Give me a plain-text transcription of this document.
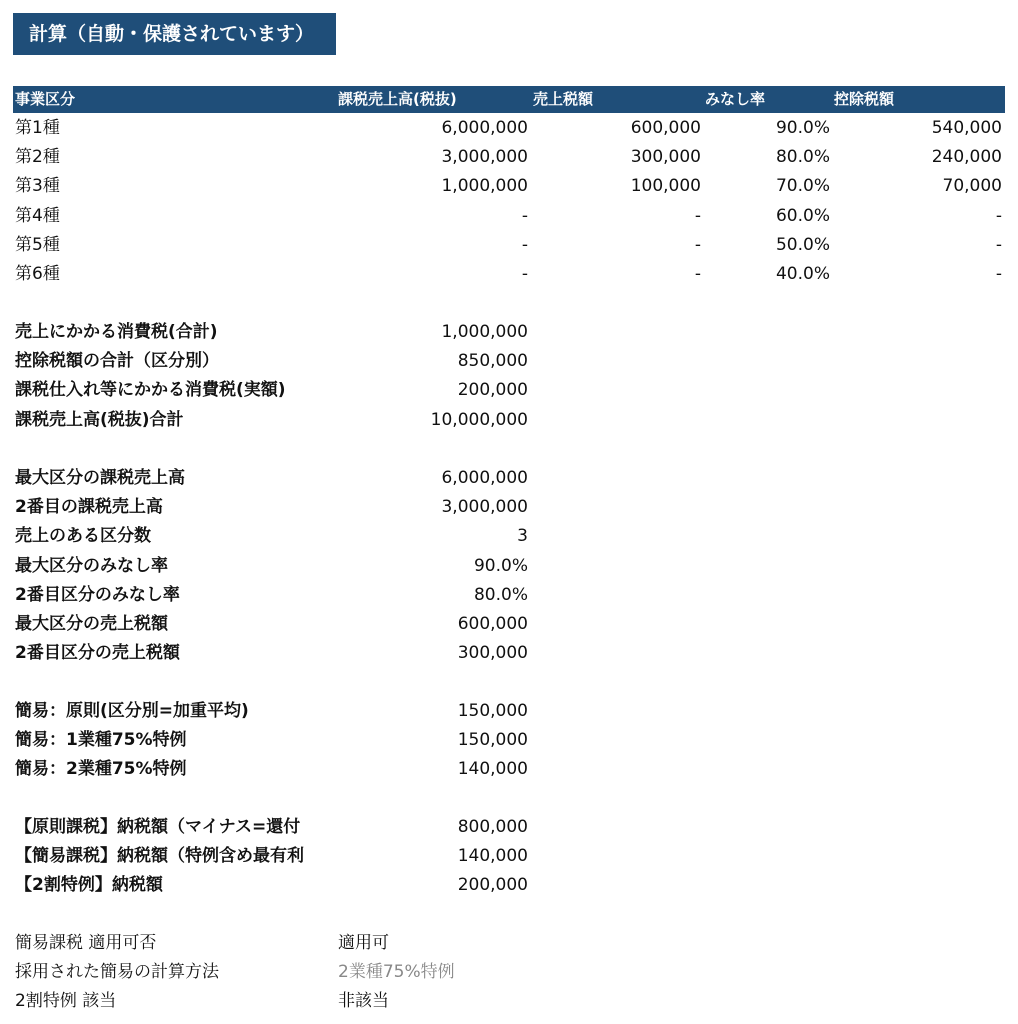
計算（自動・保護されています）
事業区分	課税売上高(税抜)	売上税額	みなし率	控除税額
第1種	6,000,000	600,000	90.0%	540,000
第2種	3,000,000	300,000	80.0%	240,000
第3種	1,000,000	100,000	70.0%	70,000
第4種	-	-	60.0%	-
第5種	-	-	50.0%	-
第6種	-	-	40.0%	-
売上にかかる消費税(合計)	1,000,000
控除税額の合計（区分別）	850,000
課税仕入れ等にかかる消費税(実額)	200,000
課税売上高(税抜)合計	10,000,000
最大区分の課税売上高	6,000,000
2番目の課税売上高	3,000,000
売上のある区分数	3
最大区分のみなし率	90.0%
2番目区分のみなし率	80.0%
最大区分の売上税額	600,000
2番目区分の売上税額	300,000
簡易：原則(区分別=加重平均)	150,000
簡易：1業種75%特例	150,000
簡易：2業種75%特例	140,000
【原則課税】納税額（マイナス=還付	800,000
【簡易課税】納税額（特例含め最有利	140,000
【2割特例】納税額	200,000
簡易課税 適用可否	適用可
採用された簡易の計算方法	2業種75%特例
2割特例 該当	非該当
